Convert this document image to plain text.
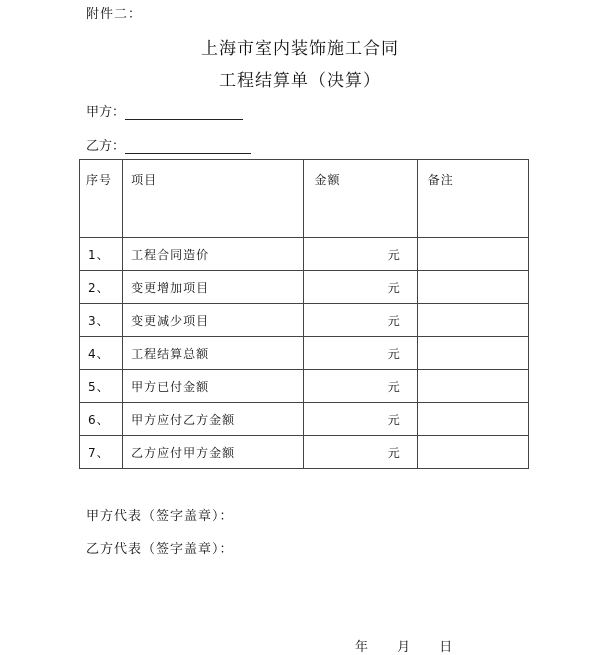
附件二：
上海市室内装饰施工合同
工程结算单（决算）
甲方：
乙方：
序号	项目	金额	备注
1、	工程合同造价	元	
2、	变更增加项目	元	
3、	变更减少项目	元	
4、	工程结算总额	元	
5、	甲方已付金额	元	
6、	甲方应付乙方金额	元	
7、	乙方应付甲方金额	元	
甲方代表（签字盖章）：
乙方代表（签字盖章）：
年 月 日
